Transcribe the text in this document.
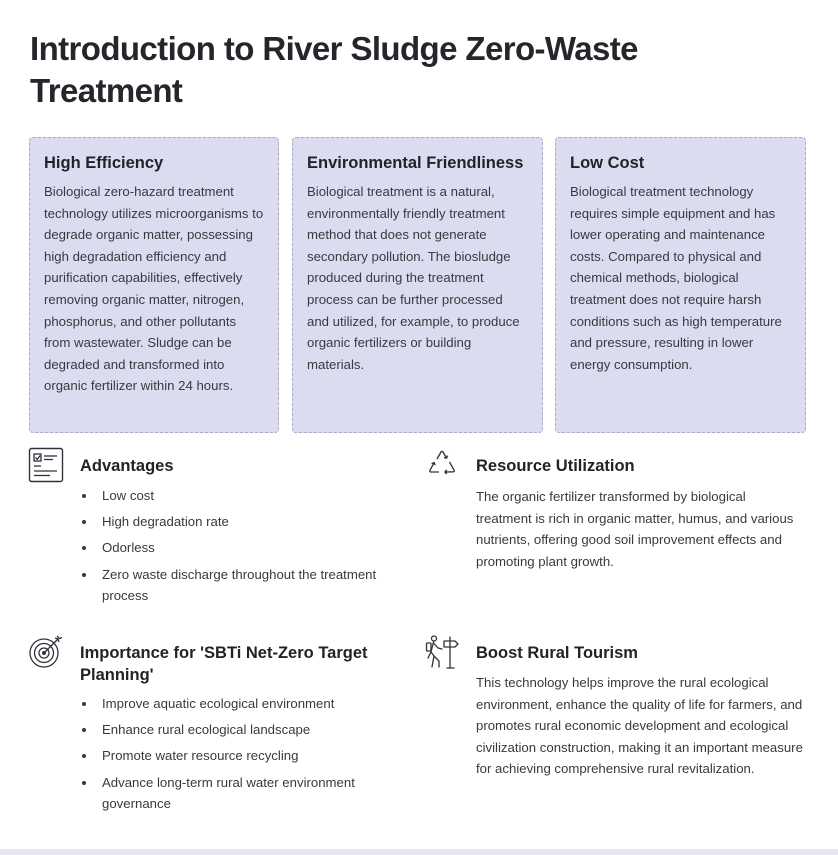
Introduction to River Sludge Zero-Waste Treatment
High Efficiency
Biological zero-hazard treatment technology utilizes microorganisms to degrade organic matter, possessing high degradation efficiency and purification capabilities, effectively removing organic matter, nitrogen, phosphorus, and other pollutants from wastewater. Sludge can be degraded and transformed into organic fertilizer within 24 hours.
Environmental Friendliness
Biological treatment is a natural, environmentally friendly treatment method that does not generate secondary pollution. The biosludge produced during the treatment process can be further processed and utilized, for example, to produce organic fertilizers or building materials.
Low Cost
Biological treatment technology requires simple equipment and has lower operating and maintenance costs. Compared to physical and chemical methods, biological treatment does not require harsh conditions such as high temperature and pressure, resulting in lower energy consumption.
Advantages
Low cost
High degradation rate
Odorless
Zero waste discharge throughout the treatment process
Resource Utilization
The organic fertilizer transformed by biological treatment is rich in organic matter, humus, and various nutrients, offering good soil improvement effects and promoting plant growth.
Importance for 'SBTi Net-Zero Target Planning'
Improve aquatic ecological environment
Enhance rural ecological landscape
Promote water resource recycling
Advance long-term rural water environment governance
Boost Rural Tourism
This technology helps improve the rural ecological environment, enhance the quality of life for farmers, and promotes rural economic development and ecological civilization construction, making it an important measure for achieving comprehensive rural revitalization.
